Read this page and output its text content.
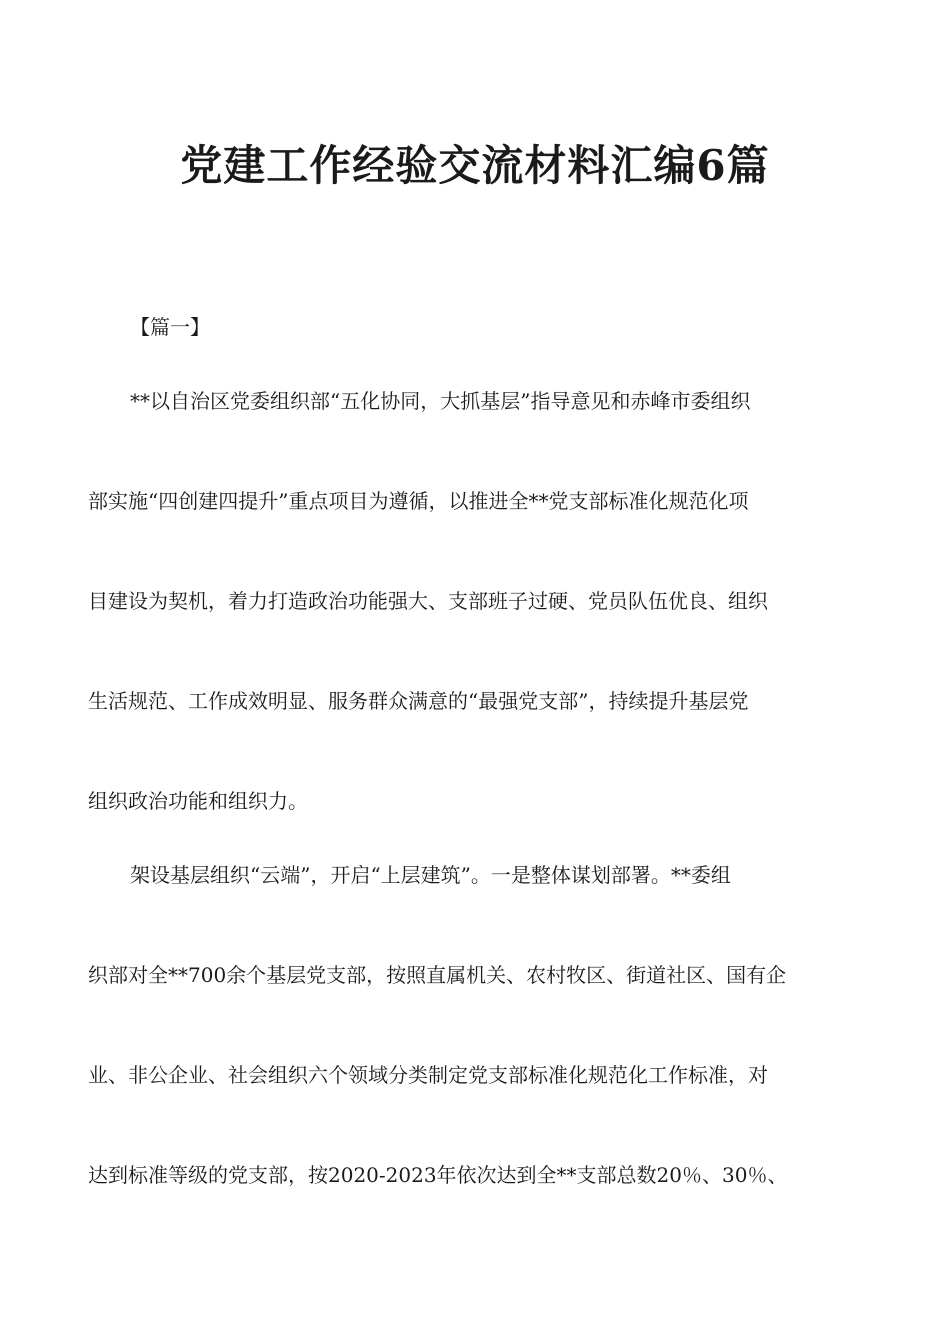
党建工作经验交流材料汇编6篇

【篇一】

**以自治区党委组织部“五化协同，大抓基层”指导意见和赤峰市委组织

部实施“四创建四提升”重点项目为遵循，以推进全**党支部标准化规范化项

目建设为契机，着力打造政治功能强大、支部班子过硬、党员队伍优良、组织

生活规范、工作成效明显、服务群众满意的“最强党支部”，持续提升基层党

组织政治功能和组织力。

架设基层组织“云端”，开启“上层建筑”。一是整体谋划部署。**委组

织部对全**700余个基层党支部，按照直属机关、农村牧区、街道社区、国有企

业、非公企业、社会组织六个领域分类制定党支部标准化规范化工作标准，对

达到标准等级的党支部，按2020-2023年依次达到全**支部总数20％、30％、
